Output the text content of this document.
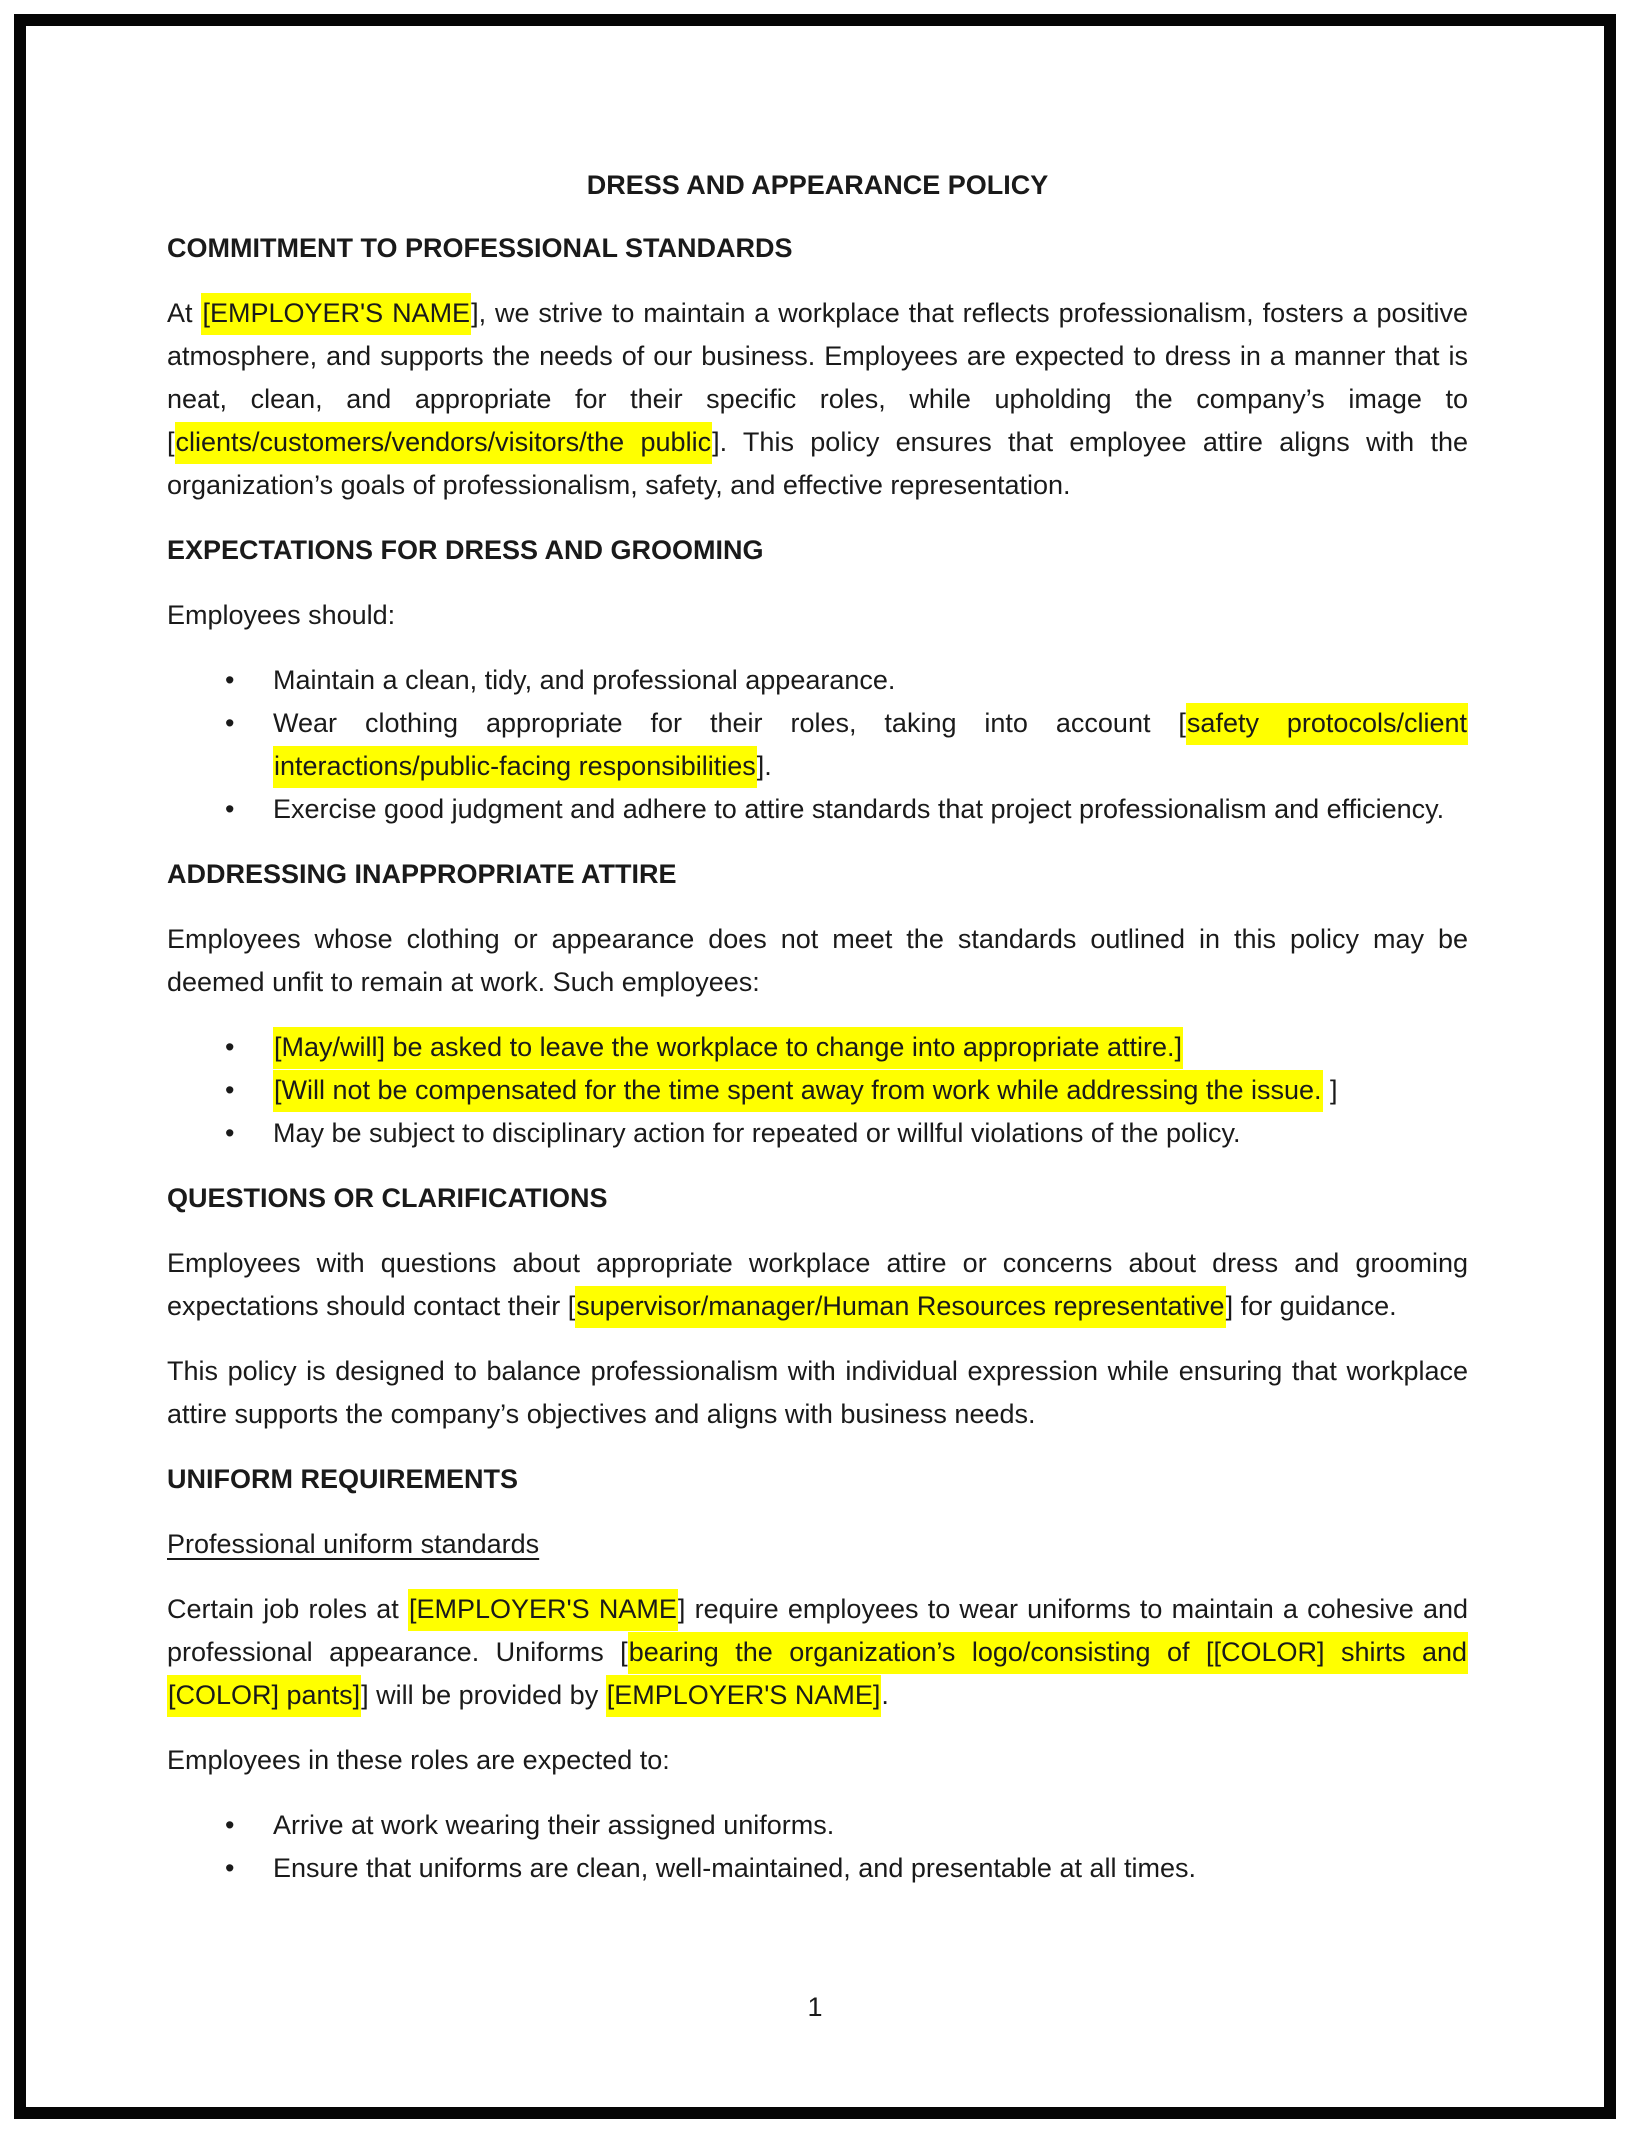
DRESS AND APPEARANCE POLICY

COMMITMENT TO PROFESSIONAL STANDARDS

At [EMPLOYER'S NAME], we strive to maintain a workplace that reflects professionalism, fosters a positive atmosphere, and supports the needs of our business. Employees are expected to dress in a manner that is neat, clean, and appropriate for their specific roles, while upholding the company’s image to [clients/customers/vendors/visitors/the public]. This policy ensures that employee attire aligns with the organization’s goals of professionalism, safety, and effective representation.

EXPECTATIONS FOR DRESS AND GROOMING

Employees should:

• Maintain a clean, tidy, and professional appearance.
• Wear clothing appropriate for their roles, taking into account [safety protocols/client interactions/public-facing responsibilities].
• Exercise good judgment and adhere to attire standards that project professionalism and efficiency.

ADDRESSING INAPPROPRIATE ATTIRE

Employees whose clothing or appearance does not meet the standards outlined in this policy may be deemed unfit to remain at work. Such employees:

• [May/will] be asked to leave the workplace to change into appropriate attire.]
• [Will not be compensated for the time spent away from work while addressing the issue. ]
• May be subject to disciplinary action for repeated or willful violations of the policy.

QUESTIONS OR CLARIFICATIONS

Employees with questions about appropriate workplace attire or concerns about dress and grooming expectations should contact their [supervisor/manager/Human Resources representative] for guidance.

This policy is designed to balance professionalism with individual expression while ensuring that workplace attire supports the company’s objectives and aligns with business needs.

UNIFORM REQUIREMENTS

Professional uniform standards

Certain job roles at [EMPLOYER'S NAME] require employees to wear uniforms to maintain a cohesive and professional appearance. Uniforms [bearing the organization’s logo/consisting of [[COLOR] shirts and [COLOR] pants]] will be provided by [EMPLOYER'S NAME].

Employees in these roles are expected to:

• Arrive at work wearing their assigned uniforms.
• Ensure that uniforms are clean, well-maintained, and presentable at all times.
1
